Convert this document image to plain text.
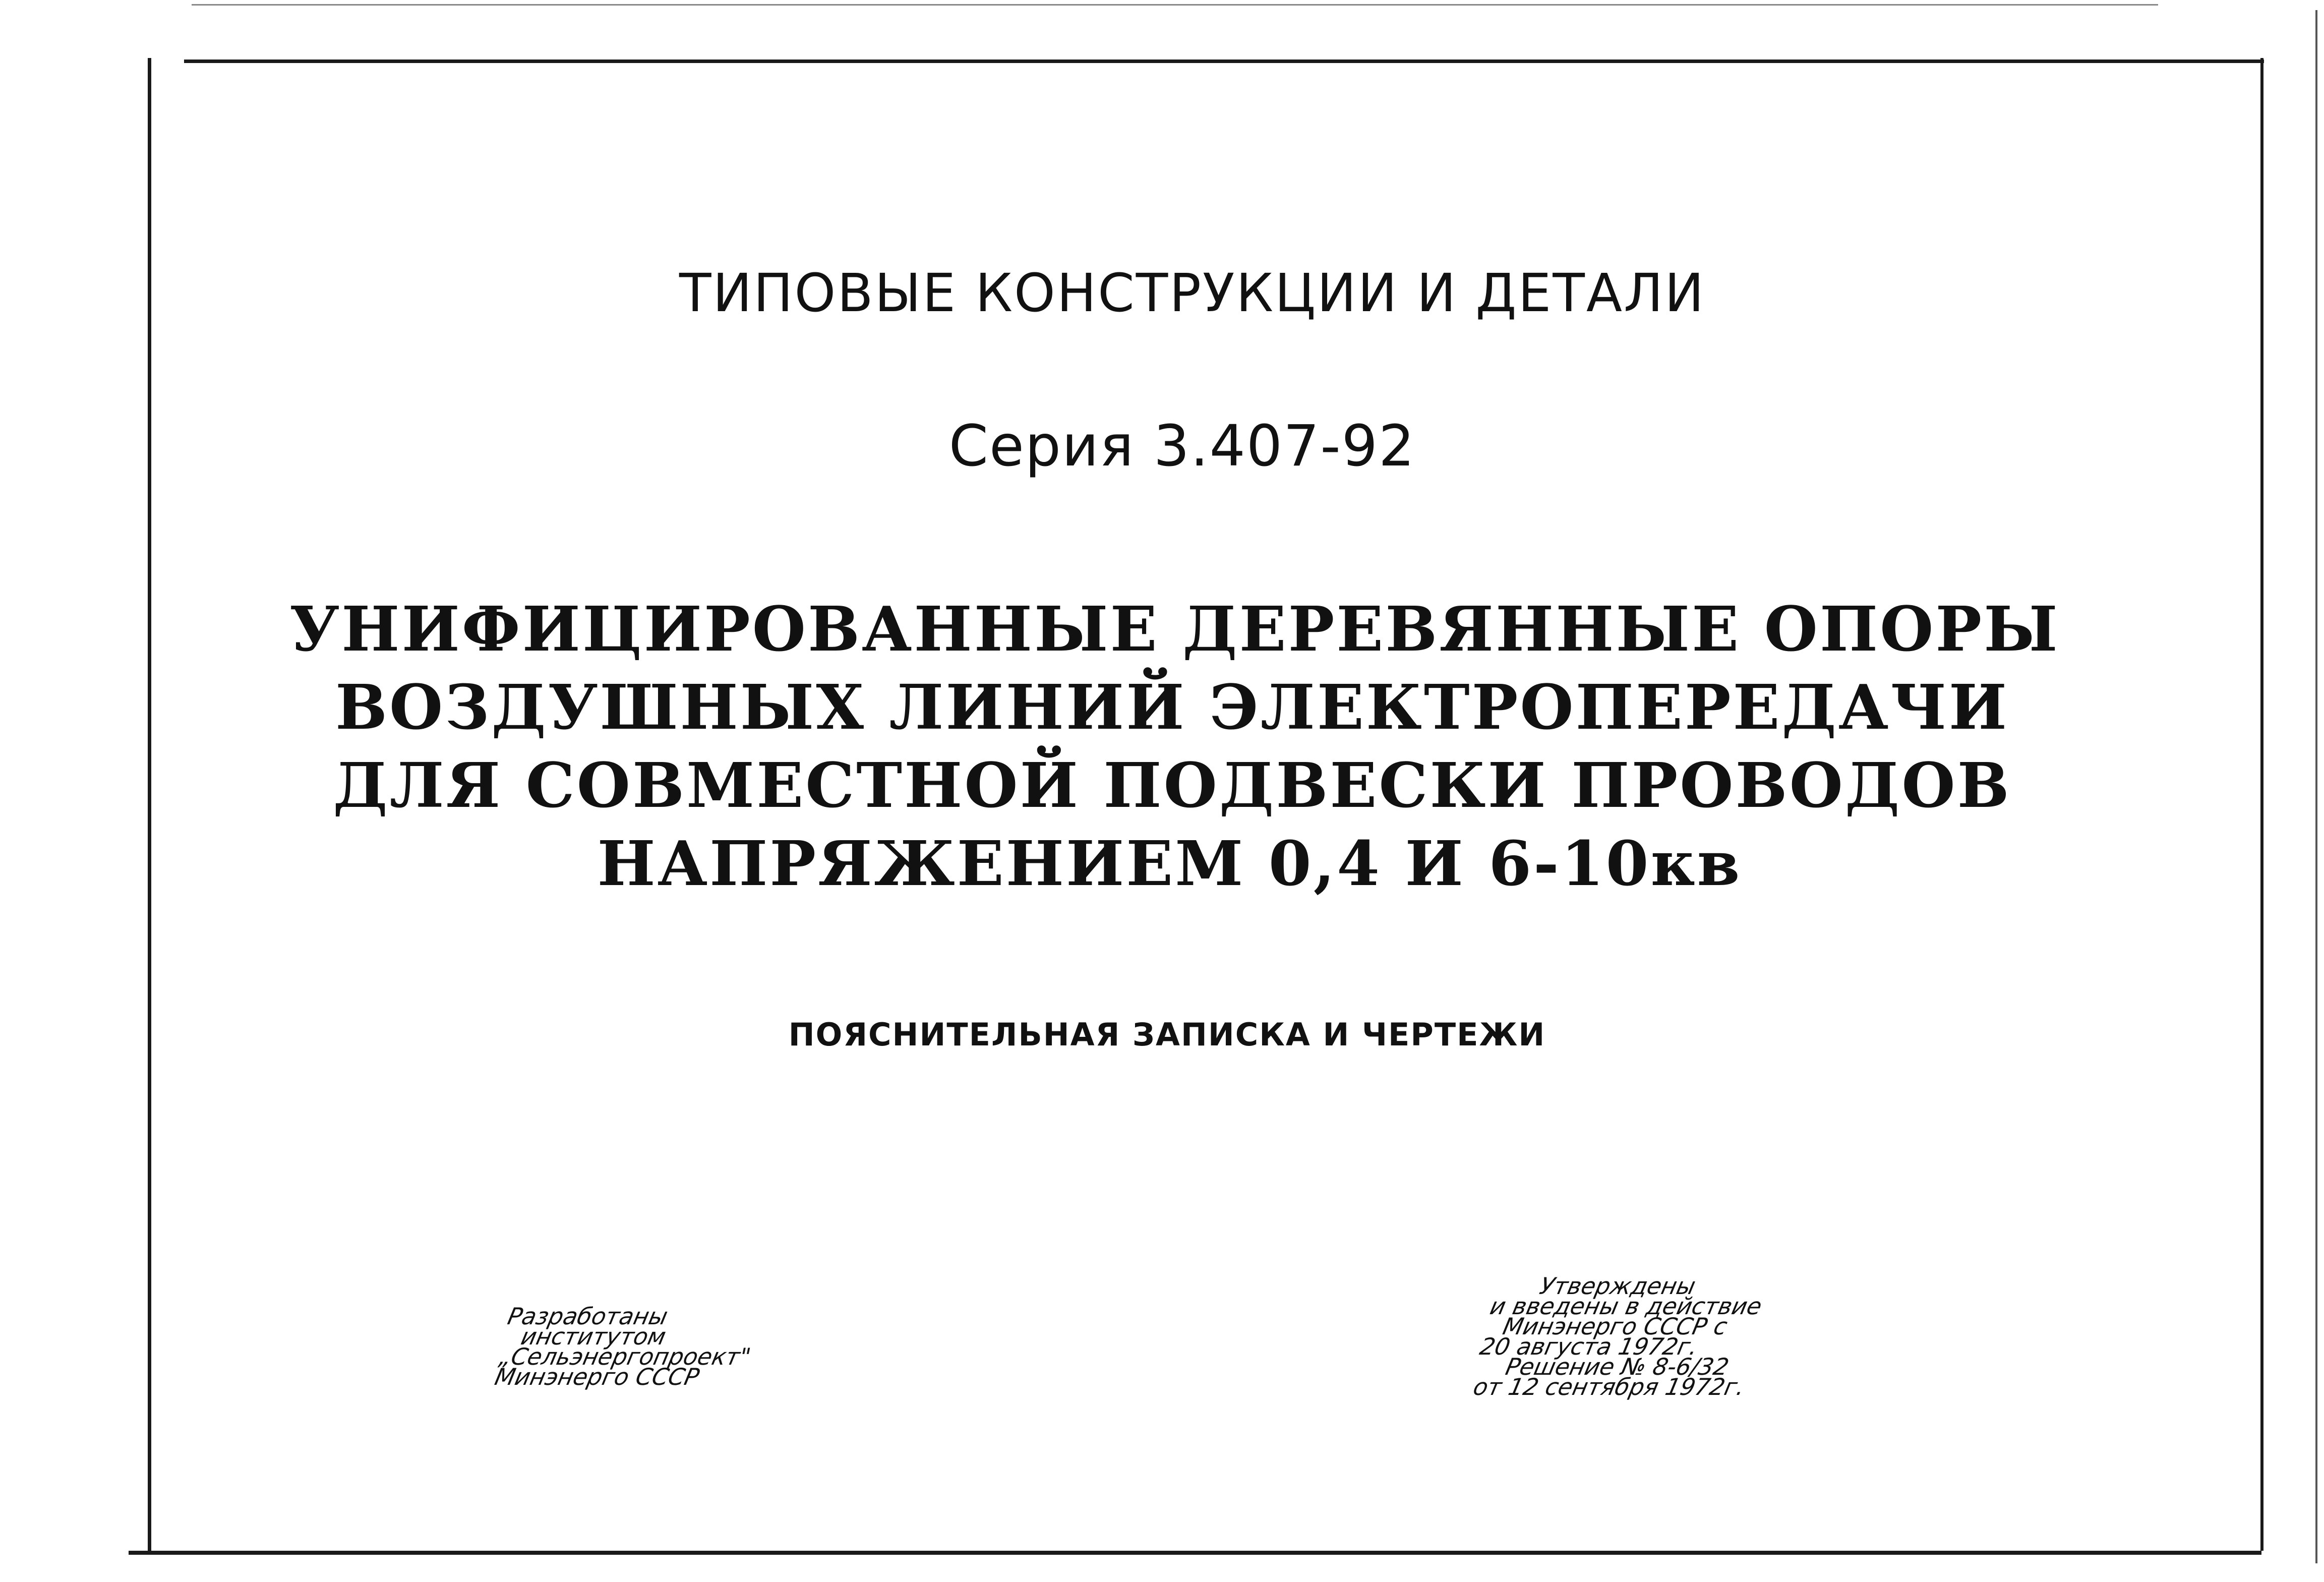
ТИПОВЫЕ КОНСТРУКЦИИ И ДЕТАЛИ
Серия 3.407-92
УНИФИЦИРОВАННЫЕ ДЕРЕВЯННЫЕ ОПОРЫ
ВОЗДУШНЫХ ЛИНИЙ ЭЛЕКТРОПЕРЕДАЧИ
ДЛЯ СОВМЕСТНОЙ ПОДВЕСКИ ПРОВОДОВ
НАПРЯЖЕНИЕМ 0,4 И 6-10кв
ПОЯСНИТЕЛЬНАЯ ЗАПИСКА И ЧЕРТЕЖИ
Разработаны
институтом
„Сельэнергопроект"
Минэнерго СССР
Утверждены
и введены в действие
Минэнерго СССР с
20 августа 1972г.
Решение № 8-6/32
от 12 сентября 1972г.
